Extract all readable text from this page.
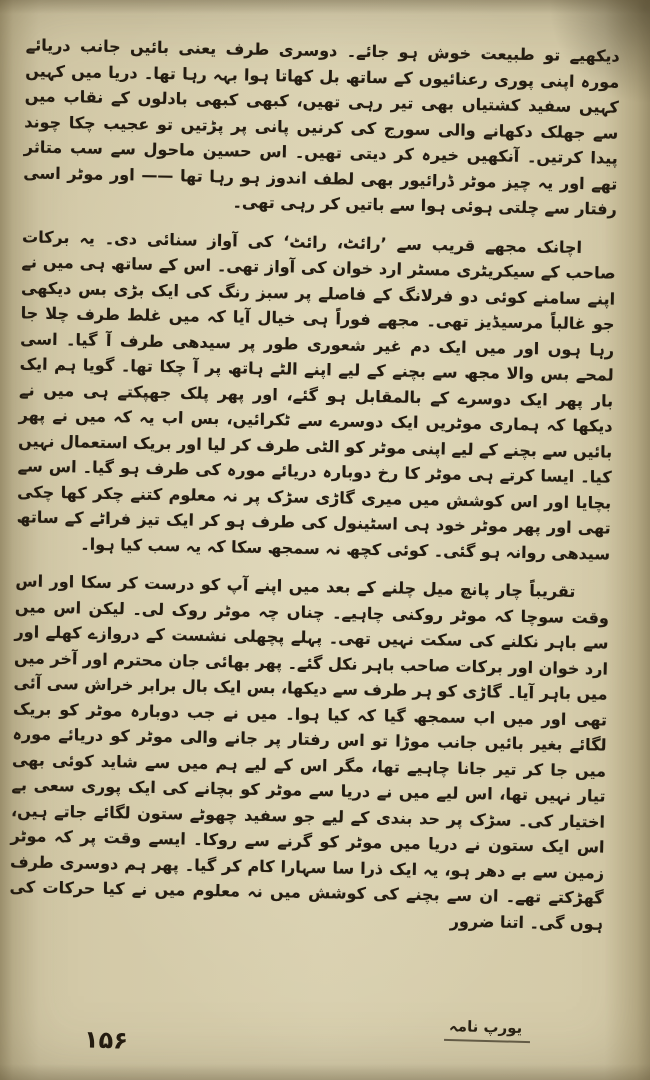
دیکھیے تو طبیعت خوش ہو جائے۔ دوسری طرف یعنی بائیں جانب دریائے مورہ اپنی پوری رعنائیوں کے ساتھ بل کھاتا ہوا بہہ رہا تھا۔ دریا میں کہیں کہیں سفید کشتیاں بھی تیر رہی تھیں، کبھی کبھی بادلوں کے نقاب میں سے جھلک دکھانے والی سورج کی کرنیں پانی پر پڑتیں تو عجیب چکا چوند پیدا کرتیں۔ آنکھیں خیرہ کر دیتی تھیں۔ اس حسین ماحول سے سب متاثر تھے اور یہ چیز موٹر ڈرائیور بھی لطف اندوز ہو رہا تھا —— اور موٹر اسی رفتار سے چلتی ہوئی ہوا سے باتیں کر رہی تھی۔

اچانک مجھے قریب سے ’رائٹ، رائٹ‘ کی آواز سنائی دی۔ یہ برکات صاحب کے سیکریٹری مسٹر ارد خوان کی آواز تھی۔ اس کے ساتھ ہی میں نے اپنے سامنے کوئی دو فرلانگ کے فاصلے پر سبز رنگ کی ایک بڑی بس دیکھی جو غالباً مرسیڈیز تھی۔ مجھے فوراً ہی خیال آیا کہ میں غلط طرف چلا جا رہا ہوں اور میں ایک دم غیر شعوری طور پر سیدھی طرف آ گیا۔ اسی لمحے بس والا مجھ سے بچنے کے لیے اپنے الٹے ہاتھ پر آ چکا تھا۔ گویا ہم ایک بار پھر ایک دوسرے کے بالمقابل ہو گئے، اور پھر پلک جھپکتے ہی میں نے دیکھا کہ ہماری موٹریں ایک دوسرے سے ٹکرائیں، بس اب یہ کہ میں نے پھر بائیں سے بچنے کے لیے اپنی موٹر کو الٹی طرف کر لیا اور بریک استعمال نہیں کیا۔ ایسا کرتے ہی موٹر کا رخ دوبارہ دریائے مورہ کی طرف ہو گیا۔ اس سے بچایا اور اس کوشش میں میری گاڑی سڑک پر نہ معلوم کتنے چکر کھا چکی تھی اور پھر موٹر خود ہی اسٹینول کی طرف ہو کر ایک تیز فراٹے کے ساتھ سیدھی روانہ ہو گئی۔ کوئی کچھ نہ سمجھ سکا کہ یہ سب کیا ہوا۔

تقریباً چار پانچ میل چلنے کے بعد میں اپنے آپ کو درست کر سکا اور اس وقت سوچا کہ موٹر روکنی چاہیے۔ چناں چہ موٹر روک لی۔ لیکن اس میں سے باہر نکلنے کی سکت نہیں تھی۔ پہلے پچھلی نشست کے دروازے کھلے اور ارد خوان اور برکات صاحب باہر نکل گئے۔ پھر بھائی جان محترم اور آخر میں میں باہر آیا۔ گاڑی کو ہر طرف سے دیکھا، بس ایک بال برابر خراش سی آئی تھی اور میں اب سمجھ گیا کہ کیا ہوا۔ میں نے جب دوبارہ موٹر کو بریک لگائے بغیر بائیں جانب موڑا تو اس رفتار پر جانے والی موٹر کو دریائے مورہ میں جا کر تیر جانا چاہیے تھا، مگر اس کے لیے ہم میں سے شاید کوئی بھی تیار نہیں تھا، اس لیے میں نے دریا سے موٹر کو بچانے کی ایک پوری سعی بے اختیار کی۔ سڑک پر حد بندی کے لیے جو سفید چھوٹے ستون لگائے جاتے ہیں، اس ایک ستون نے دریا میں موٹر کو گرنے سے روکا۔ ایسے وقت پر کہ موٹر زمین سے بے دھر ہو، یہ ایک ذرا سا سہارا کام کر گیا۔ پھر ہم دوسری طرف گھڑکتے تھے۔ ان سے بچنے کی کوشش میں نہ معلوم میں نے کیا حرکات کی ہوں گی۔ اتنا ضرور

یورپ نامہ
۱۵۶
